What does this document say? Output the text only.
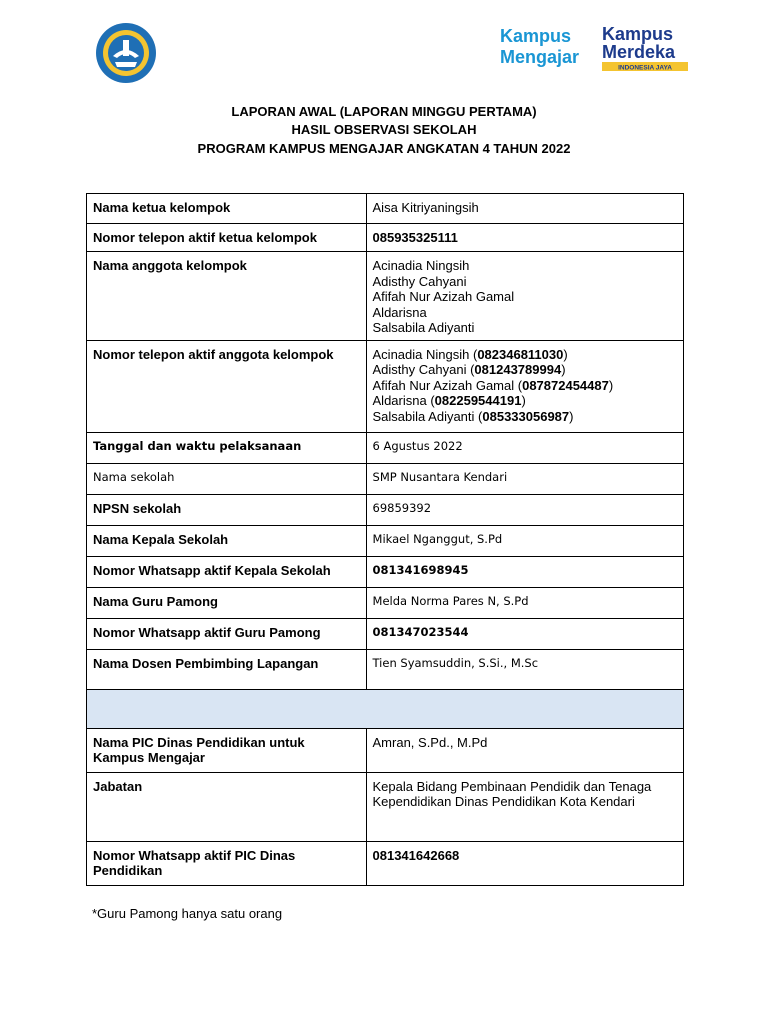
Kampus
Mengajar
Kampus
Merdeka
INDONESIA JAYA
LAPORAN AWAL (LAPORAN MINGGU PERTAMA)
HASIL OBSERVASI SEKOLAH
PROGRAM KAMPUS MENGAJAR ANGKATAN 4 TAHUN 2022
Nama ketua kelompok	Aisa Kitriyaningsih
Nomor telepon aktif ketua kelompok	085935325111
Nama anggota kelompok	Acinadia Ningsih
Adisthy Cahyani
Afifah Nur Azizah Gamal
Aldarisna
Salsabila Adiyanti

Nomor telepon aktif anggota kelompok	Acinadia Ningsih (082346811030)
Adisthy Cahyani (081243789994)
Afifah Nur Azizah Gamal (087872454487)
Aldarisna (082259544191)
Salsabila Adiyanti (085333056987)

Tanggal dan waktu pelaksanaan	6 Agustus 2022
Nama sekolah	SMP Nusantara Kendari
NPSN sekolah	69859392
Nama Kepala Sekolah	Mikael Nganggut, S.Pd
Nomor Whatsapp aktif Kepala Sekolah	081341698945
Nama Guru Pamong	Melda Norma Pares N, S.Pd
Nomor Whatsapp aktif Guru Pamong	081347023544
Nama Dosen Pembimbing Lapangan	Tien Syamsuddin, S.Si., M.Sc

Nama PIC Dinas Pendidikan untuk Kampus Mengajar	Amran, S.Pd., M.Pd
Jabatan	Kepala Bidang Pembinaan Pendidik dan Tenaga Kependidikan Dinas Pendidikan Kota Kendari
Nomor Whatsapp aktif PIC Dinas Pendidikan	081341642668
*Guru Pamong hanya satu orang
